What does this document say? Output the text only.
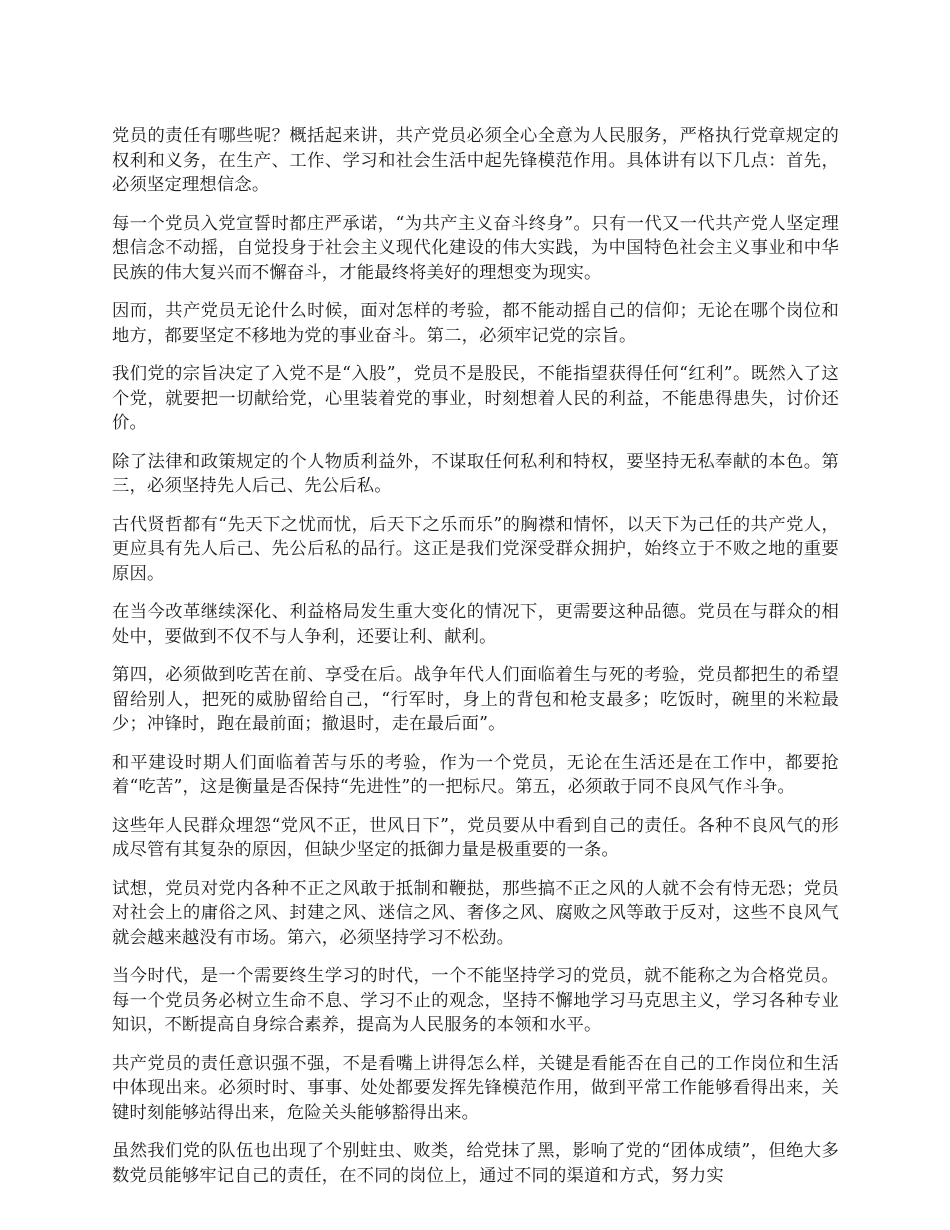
党员的责任有哪些呢？概括起来讲，共产党员必须全心全意为人民服务，严格执行党章规定的权利和义务，在生产、工作、学习和社会生活中起先锋模范作用。具体讲有以下几点：首先，必须坚定理想信念。

每一个党员入党宣誓时都庄严承诺，“为共产主义奋斗终身”。只有一代又一代共产党人坚定理想信念不动摇，自觉投身于社会主义现代化建设的伟大实践，为中国特色社会主义事业和中华民族的伟大复兴而不懈奋斗，才能最终将美好的理想变为现实。

因而，共产党员无论什么时候，面对怎样的考验，都不能动摇自己的信仰；无论在哪个岗位和地方，都要坚定不移地为党的事业奋斗。第二，必须牢记党的宗旨。

我们党的宗旨决定了入党不是“入股”，党员不是股民，不能指望获得任何“红利”。既然入了这个党，就要把一切献给党，心里装着党的事业，时刻想着人民的利益，不能患得患失，讨价还价。

除了法律和政策规定的个人物质利益外，不谋取任何私利和特权，要坚持无私奉献的本色。第三，必须坚持先人后己、先公后私。

古代贤哲都有“先天下之忧而忧，后天下之乐而乐”的胸襟和情怀，以天下为己任的共产党人，更应具有先人后己、先公后私的品行。这正是我们党深受群众拥护，始终立于不败之地的重要原因。

在当今改革继续深化、利益格局发生重大变化的情况下，更需要这种品德。党员在与群众的相处中，要做到不仅不与人争利，还要让利、献利。

第四，必须做到吃苦在前、享受在后。战争年代人们面临着生与死的考验，党员都把生的希望留给别人，把死的威胁留给自己，“行军时，身上的背包和枪支最多；吃饭时，碗里的米粒最少；冲锋时，跑在最前面；撤退时，走在最后面”。

和平建设时期人们面临着苦与乐的考验，作为一个党员，无论在生活还是在工作中，都要抢着“吃苦”，这是衡量是否保持“先进性”的一把标尺。第五，必须敢于同不良风气作斗争。

这些年人民群众埋怨“党风不正，世风日下”，党员要从中看到自己的责任。各种不良风气的形成尽管有其复杂的原因，但缺少坚定的抵御力量是极重要的一条。

试想，党员对党内各种不正之风敢于抵制和鞭挞，那些搞不正之风的人就不会有恃无恐；党员对社会上的庸俗之风、封建之风、迷信之风、奢侈之风、腐败之风等敢于反对，这些不良风气就会越来越没有市场。第六，必须坚持学习不松劲。

当今时代，是一个需要终生学习的时代，一个不能坚持学习的党员，就不能称之为合格党员。每一个党员务必树立生命不息、学习不止的观念，坚持不懈地学习马克思主义，学习各种专业知识，不断提高自身综合素养，提高为人民服务的本领和水平。

共产党员的责任意识强不强，不是看嘴上讲得怎么样，关键是看能否在自己的工作岗位和生活中体现出来。必须时时、事事、处处都要发挥先锋模范作用，做到平常工作能够看得出来，关键时刻能够站得出来，危险关头能够豁得出来。

虽然我们党的队伍也出现了个别蛀虫、败类，给党抹了黑，影响了党的“团体成绩”，但绝大多数党员能够牢记自己的责任，在不同的岗位上，通过不同的渠道和方式，努力实
